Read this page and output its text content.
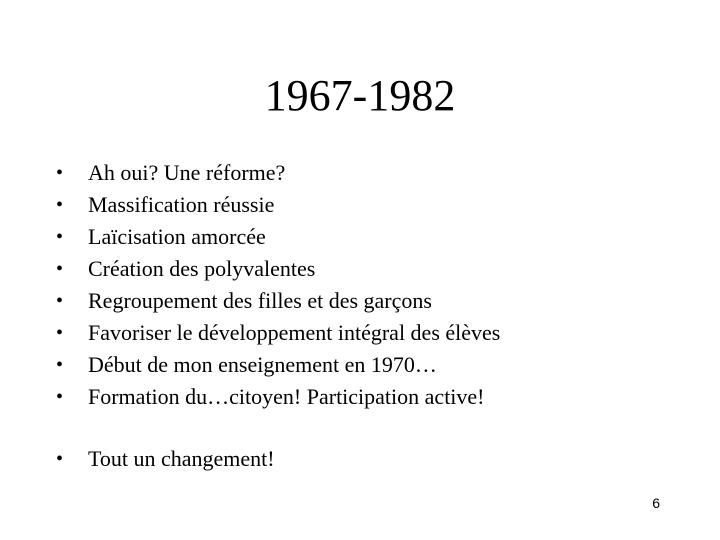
1967-1982
•	Ah oui? Une réforme?
•	Massification réussie
•	Laïcisation amorcée
•	Création des polyvalentes
•	Regroupement des filles et des garçons
•	Favoriser le développement intégral des élèves
•	Début de mon enseignement en 1970…
•	Formation du…citoyen! Participation active!
•	Tout un changement!
6
